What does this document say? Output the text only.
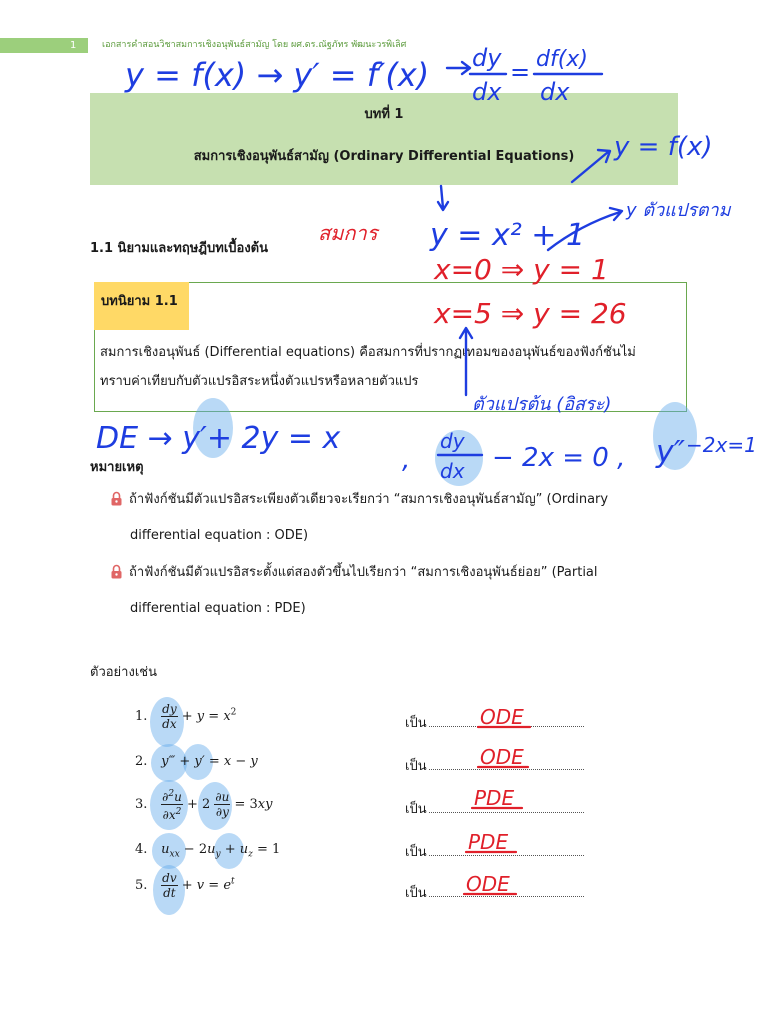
1	เอกสารคำสอนวิชาสมการเชิงอนุพันธ์สามัญ โดย ผศ.ดร.ณัฐภัทร พัฒนะวรพิเลิศ
บทที่ 1
สมการเชิงอนุพันธ์สามัญ (Ordinary Differential Equations)
1.1 นิยามและทฤษฎีบทเบื้องต้น
บทนิยาม 1.1
สมการเชิงอนุพันธ์ (Differential equations) คือสมการที่ปรากฏเทอมของอนุพันธ์ของฟังก์ชันไม่
ทราบค่าเทียบกับตัวแปรอิสระหนึ่งตัวแปรหรือหลายตัวแปร
หมายเหตุ
ถ้าฟังก์ชันมีตัวแปรอิสระเพียงตัวเดียวจะเรียกว่า “สมการเชิงอนุพันธ์สามัญ” (Ordinary
differential equation : ODE)
ถ้าฟังก์ชันมีตัวแปรอิสระตั้งแต่สองตัวขึ้นไปเรียกว่า “สมการเชิงอนุพันธ์ย่อย” (Partial
differential equation : PDE)
ตัวอย่างเช่น
1. $\frac{dy}{dx} + y = x^2$
2. y‴ + y′ = x − y
3. $\frac{\partial^2u}{\partial x^2} + 2 \frac{\partial u}{\partial y} = 3xy$
4. $u_{xx} - 2u_y + u_z = 1$
5. $\frac{dv}{dt} + v = e^t$
เป็น
เป็น
เป็น
เป็น
เป็น
y = f(x) → y′ = f′(x) dy
dx
= df(x)
dx
y = f(x)
สมการ y = x² + 1
y ตัวแปรตาม
x=0 ⇒ y = 1
x=5 ⇒ y = 26
ตัวแปรต้น (อิสระ)
DE → y′+ 2y = x
,
dy
dx − 2x = 0 , y″ −2x=1
ODE
ODE
PDE
PDE
ODE
